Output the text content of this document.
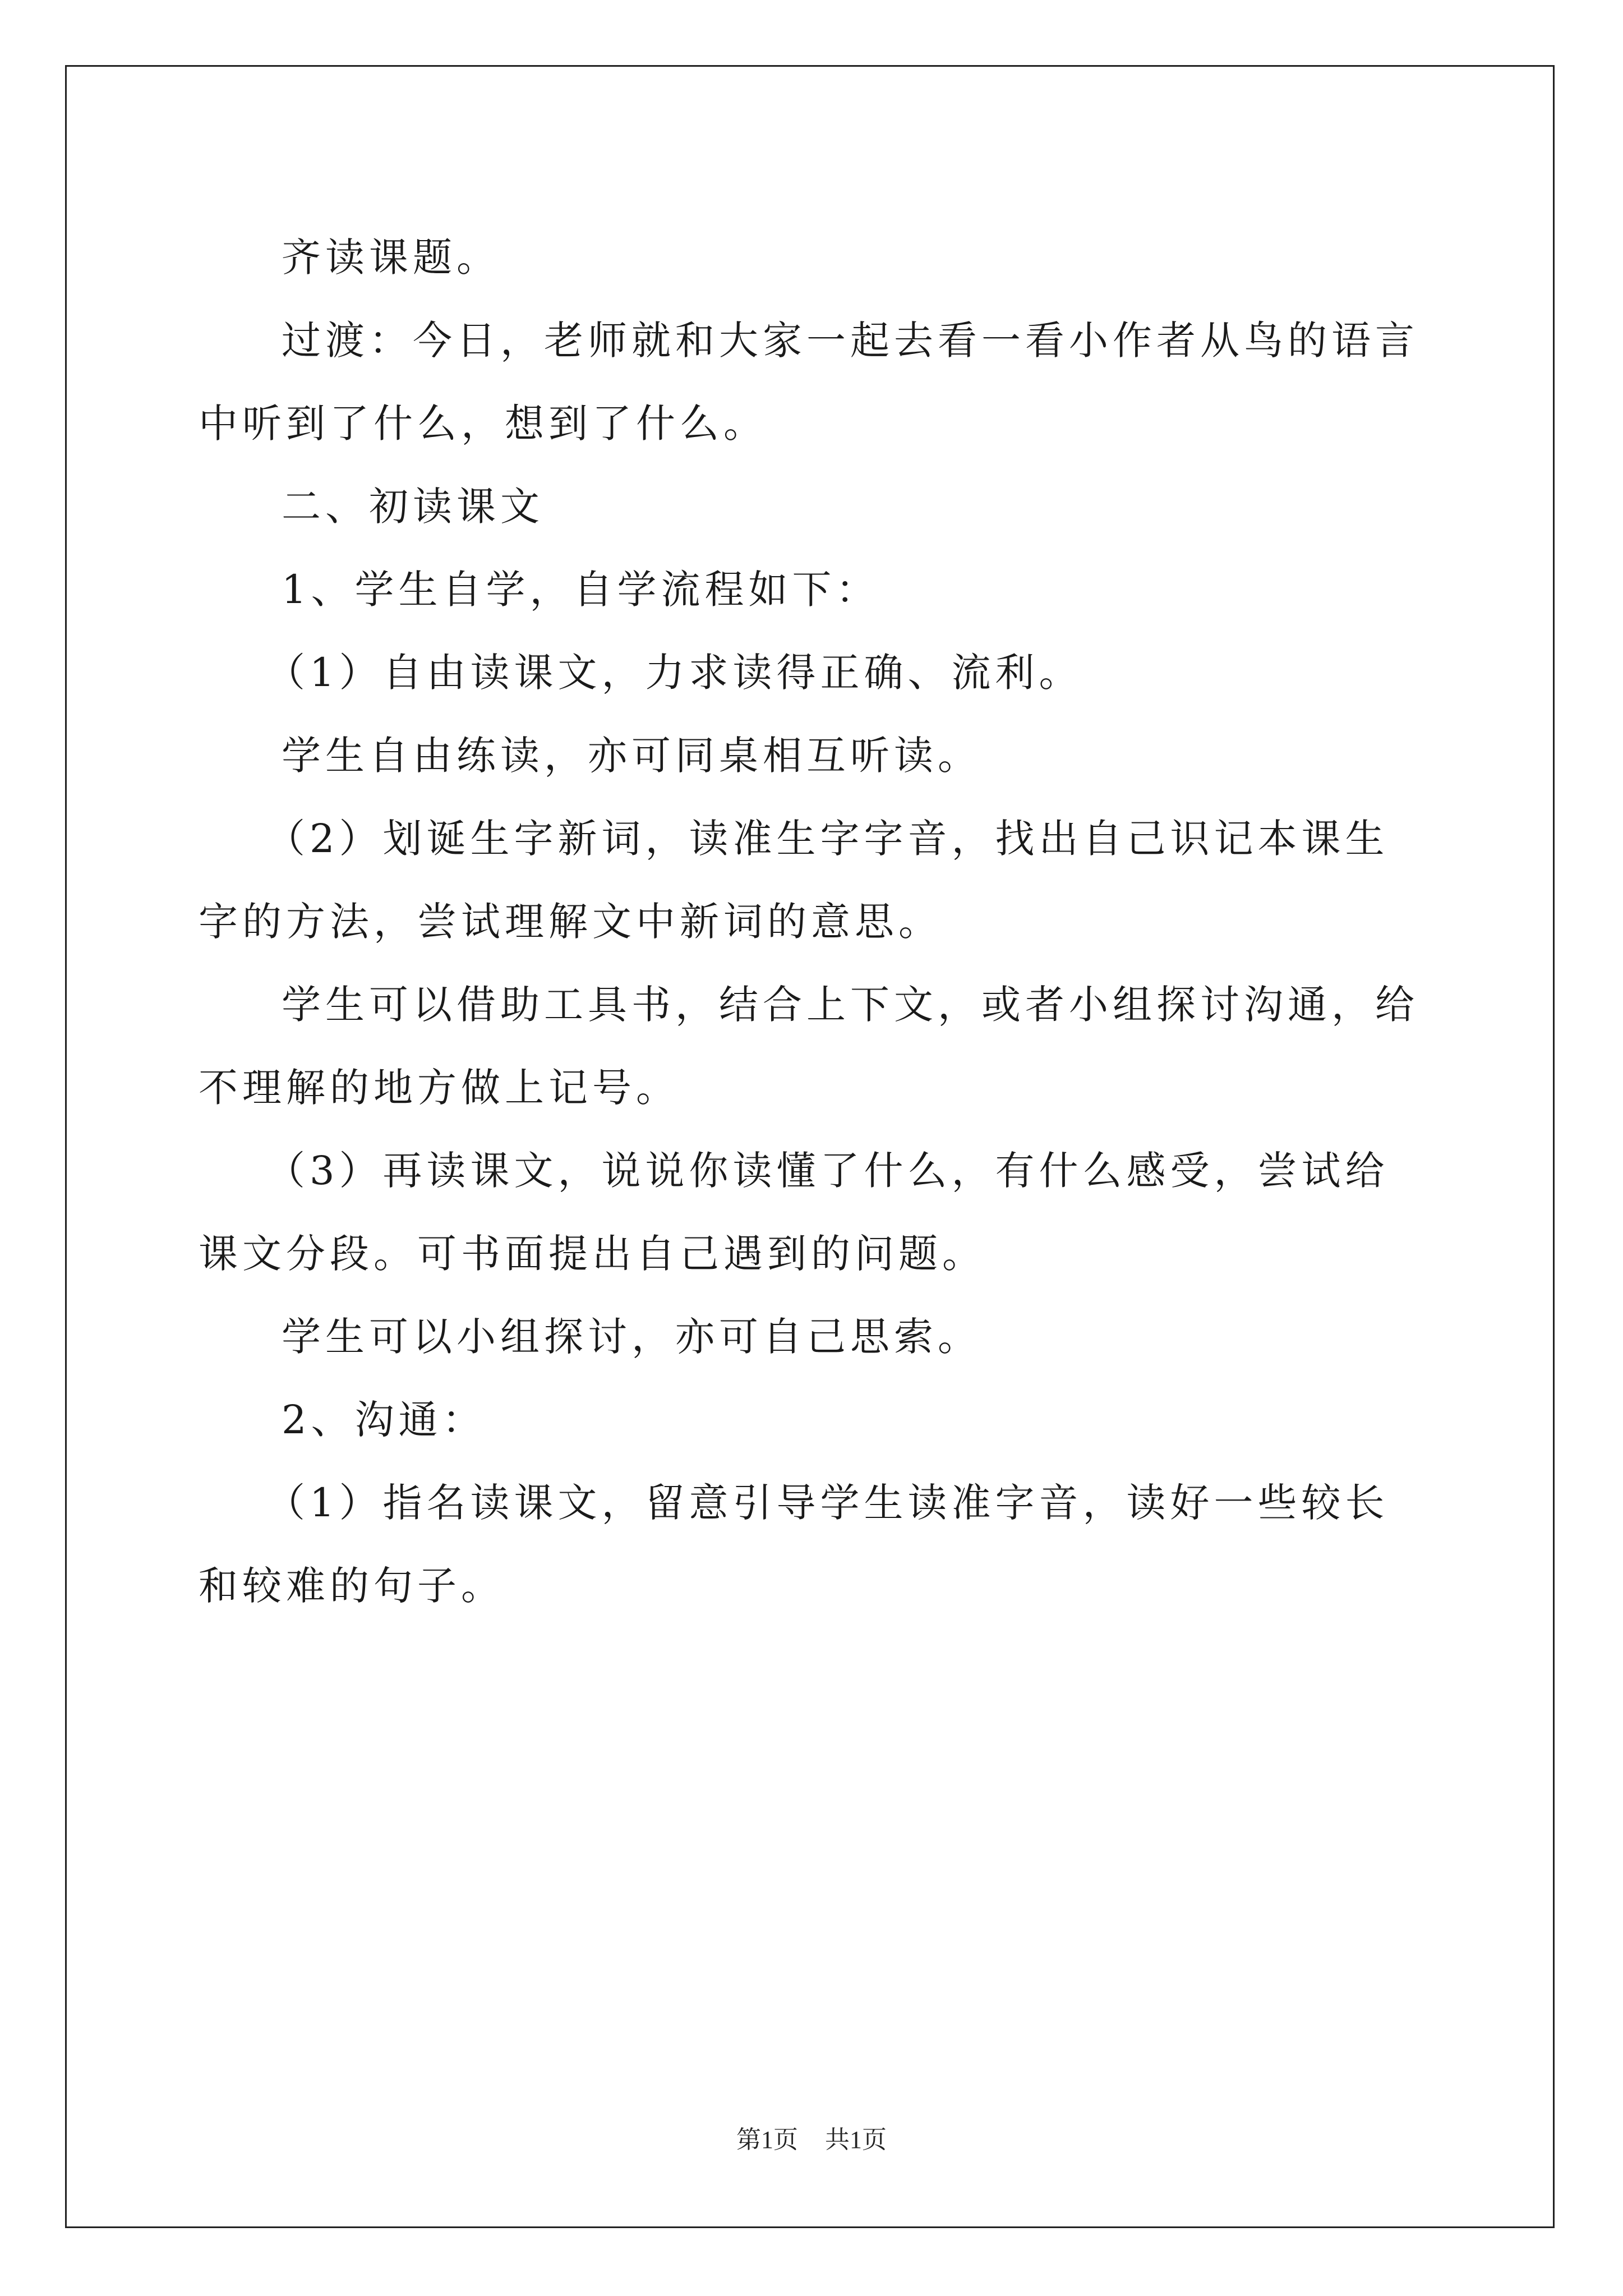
齐读课题。

过渡：今日，老师就和大家一起去看一看小作者从鸟的语言中听到了什么，想到了什么。

二、初读课文

1、学生自学，自学流程如下：

（1）自由读课文，力求读得正确、流利。

学生自由练读，亦可同桌相互听读。

（2）划诞生字新词，读准生字字音，找出自己识记本课生字的方法，尝试理解文中新词的意思。

学生可以借助工具书，结合上下文，或者小组探讨沟通，给不理解的地方做上记号。

（3）再读课文，说说你读懂了什么，有什么感受，尝试给课文分段。可书面提出自己遇到的问题。

学生可以小组探讨，亦可自己思索。

2、沟通：

（1）指名读课文，留意引导学生读准字音，读好一些较长和较难的句子。

第1页 共1页
